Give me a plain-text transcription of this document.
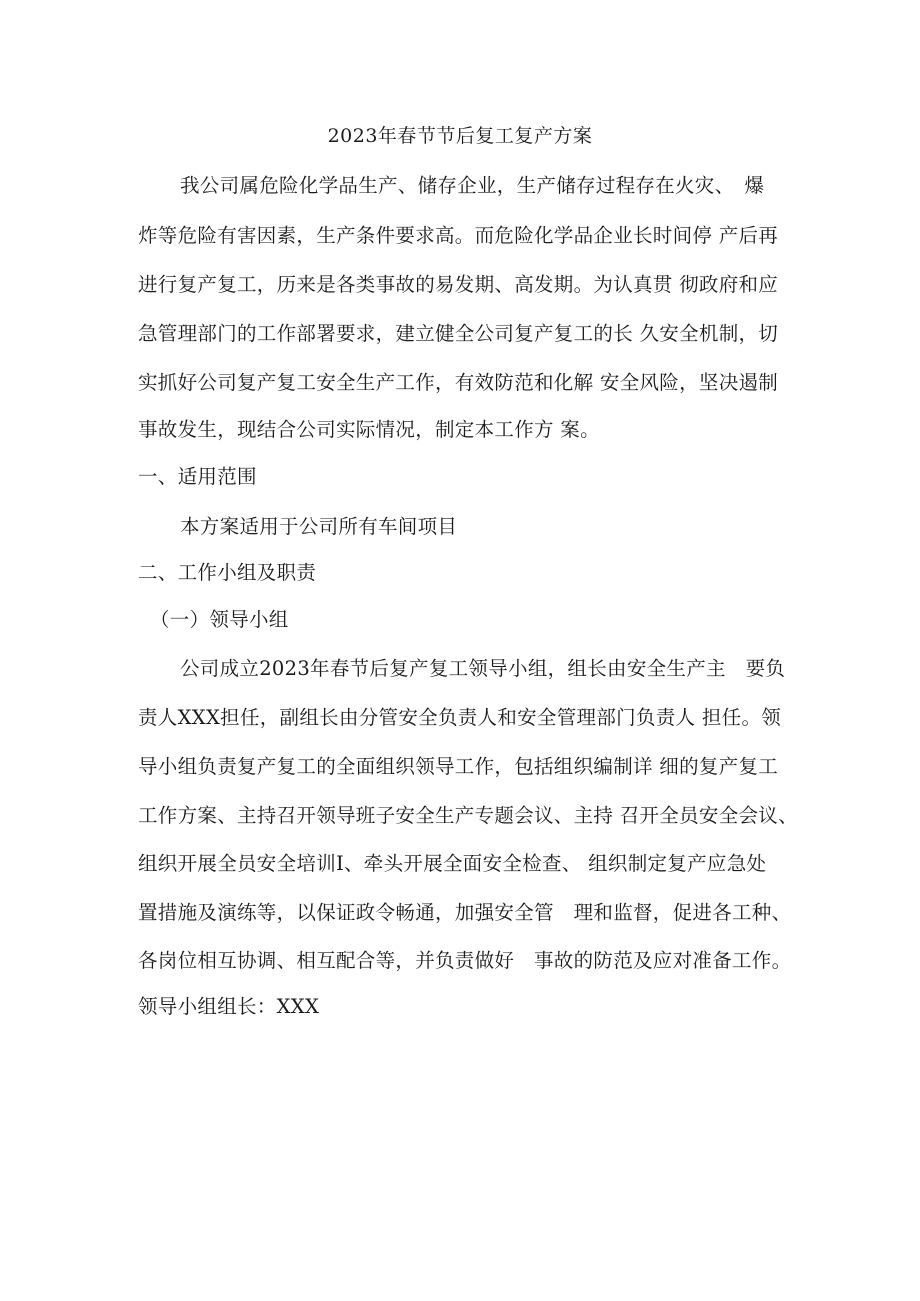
2023年春节节后复工复产方案
我公司属危险化学品生产、储存企业，生产储存过程存在火灾、　爆
炸等危险有害因素，生产条件要求高。而危险化学品企业长时间停 产后再
进行复产复工，历来是各类事故的易发期、高发期。为认真贯 彻政府和应
急管理部门的工作部署要求，建立健全公司复产复工的长 久安全机制，切
实抓好公司复产复工安全生产工作，有效防范和化解 安全风险，坚决遏制
事故发生，现结合公司实际情况，制定本工作方 案。
一、适用范围
本方案适用于公司所有车间项目
二、工作小组及职责
（一）领导小组
公司成立2023年春节后复产复工领导小组，组长由安全生产主　要负
责人XXX担任，副组长由分管安全负责人和安全管理部门负责人 担任。领
导小组负责复产复工的全面组织领导工作，包括组织编制详 细的复产复工
工作方案、主持召开领导班子安全生产专题会议、主持 召开全员安全会议、
组织开展全员安全培训I、牵头开展全面安全检查、 组织制定复产应急处
置措施及演练等，以保证政令畅通，加强安全管　理和监督，促进各工种、
各岗位相互协调、相互配合等，并负责做好　事故的防范及应对准备工作。
领导小组组长：XXX
